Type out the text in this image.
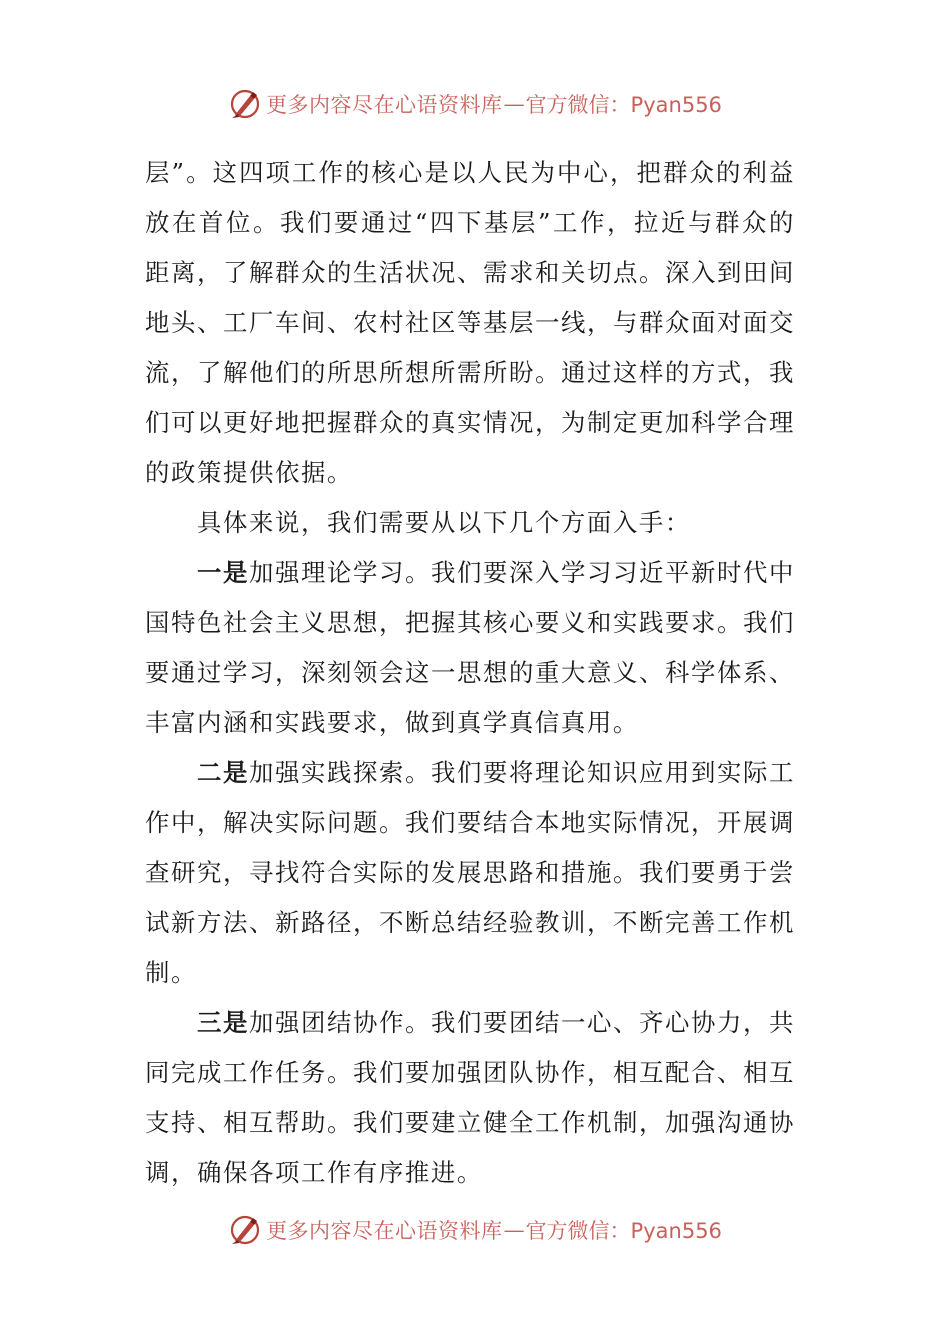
更多内容尽在心语资料库 — 官方微信：Pyan556

层”。这四项工作的核心是以人民为中心，把群众的利益放在首位。我们要通过“四下基层”工作，拉近与群众的距离，了解群众的生活状况、需求和关切点。深入到田间地头、工厂车间、农村社区等基层一线，与群众面对面交流，了解他们的所思所想所需所盼。通过这样的方式，我们可以更好地把握群众的真实情况，为制定更加科学合理的政策提供依据。

具体来说，我们需要从以下几个方面入手：

一是加强理论学习。我们要深入学习习近平新时代中国特色社会主义思想，把握其核心要义和实践要求。我们要通过学习，深刻领会这一思想的重大意义、科学体系、丰富内涵和实践要求，做到真学真信真用。

二是加强实践探索。我们要将理论知识应用到实际工作中，解决实际问题。我们要结合本地实际情况，开展调查研究，寻找符合实际的发展思路和措施。我们要勇于尝试新方法、新路径，不断总结经验教训，不断完善工作机制。

三是加强团结协作。我们要团结一心、齐心协力，共同完成工作任务。我们要加强团队协作，相互配合、相互支持、相互帮助。我们要建立健全工作机制，加强沟通协调，确保各项工作有序推进。

更多内容尽在心语资料库 — 官方微信：Pyan556
